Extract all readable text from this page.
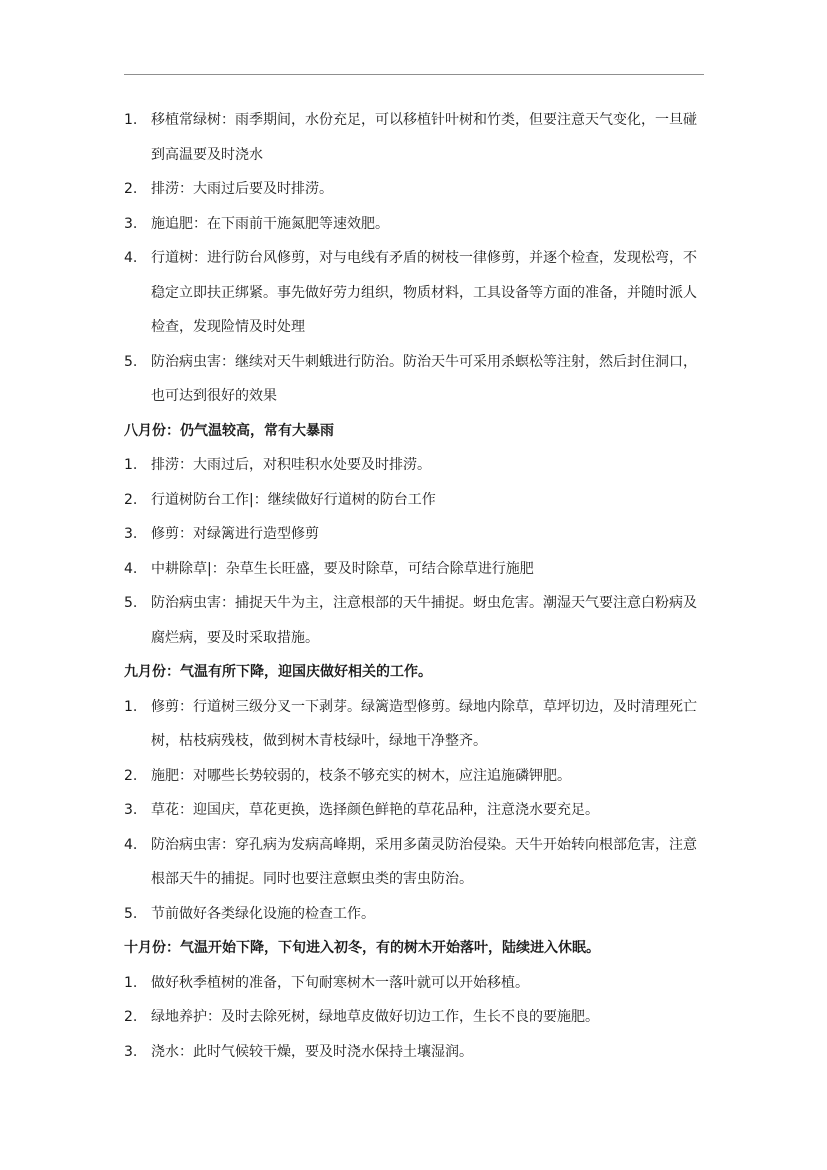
1. 移植常绿树：雨季期间，水份充足，可以移植针叶树和竹类，但要注意天气变化，一旦碰到高温要及时浇水
2. 排涝：大雨过后要及时排涝。
3. 施追肥：在下雨前干施氮肥等速效肥。
4. 行道树：进行防台风修剪，对与电线有矛盾的树枝一律修剪，并逐个检查，发现松弯，不稳定立即扶正绑紧。事先做好劳力组织，物质材料，工具设备等方面的准备，并随时派人检查，发现险情及时处理
5. 防治病虫害：继续对天牛刺蛾进行防治。防治天牛可采用杀螟松等注射，然后封住洞口，也可达到很好的效果
八月份：仍气温较高，常有大暴雨
1. 排涝：大雨过后，对积哇积水处要及时排涝。
2. 行道树防台工作|：继续做好行道树的防台工作
3. 修剪：对绿篱进行造型修剪
4. 中耕除草|：杂草生长旺盛，要及时除草，可结合除草进行施肥
5. 防治病虫害：捕捉天牛为主，注意根部的天牛捕捉。蚜虫危害。潮湿天气要注意白粉病及腐烂病，要及时采取措施。
九月份：气温有所下降，迎国庆做好相关的工作。
1. 修剪：行道树三级分叉一下剥芽。绿篱造型修剪。绿地内除草，草坪切边，及时清理死亡树，枯枝病残枝，做到树木青枝绿叶，绿地干净整齐。
2. 施肥：对哪些长势较弱的，枝条不够充实的树木，应注追施磷钾肥。
3. 草花：迎国庆，草花更换，选择颜色鲜艳的草花品种，注意浇水要充足。
4. 防治病虫害：穿孔病为发病高峰期，采用多菌灵防治侵染。天牛开始转向根部危害，注意根部天牛的捕捉。同时也要注意螟虫类的害虫防治。
5. 节前做好各类绿化设施的检查工作。
十月份：气温开始下降，下旬进入初冬，有的树木开始落叶，陆续进入休眠。
1. 做好秋季植树的准备，下旬耐寒树木一落叶就可以开始移植。
2. 绿地养护：及时去除死树，绿地草皮做好切边工作，生长不良的要施肥。
3. 浇水：此时气候较干燥，要及时浇水保持土壤湿润。
